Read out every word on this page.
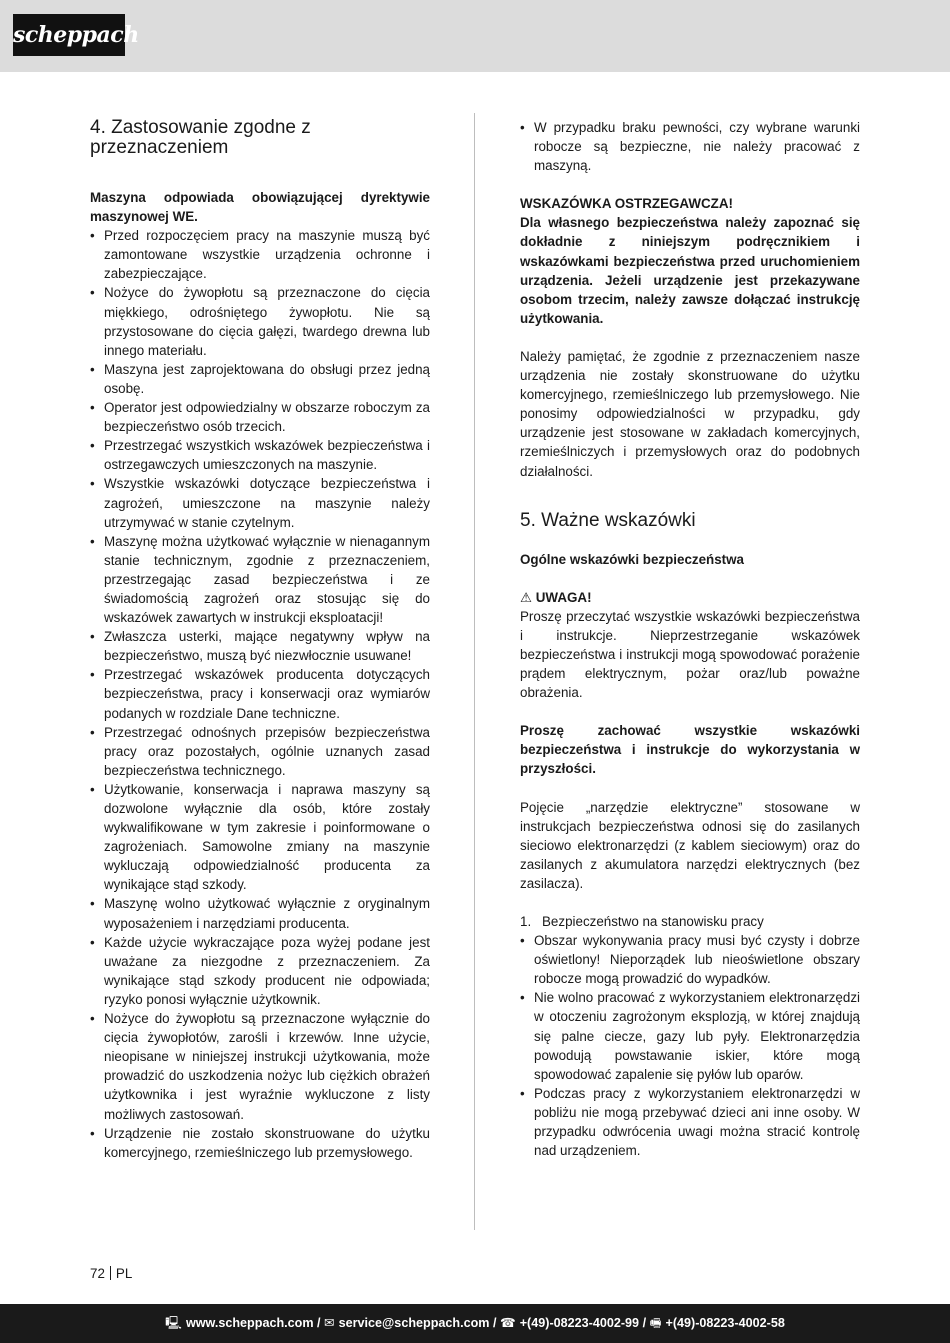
scheppach
4. Zastosowanie zgodne z przeznaczeniem

Maszyna odpowiada obowiązującej dyrektywie maszynowej WE.

• Przed rozpoczęciem pracy na maszynie muszą być zamontowane wszystkie urządzenia ochronne i zabezpieczające.
• Nożyce do żywopłotu są przeznaczone do cięcia miękkiego, odrośniętego żywopłotu. Nie są przystosowane do cięcia gałęzi, twardego drewna lub innego materiału.
• Maszyna jest zaprojektowana do obsługi przez jedną osobę.
• Operator jest odpowiedzialny w obszarze roboczym za bezpieczeństwo osób trzecich.
• Przestrzegać wszystkich wskazówek bezpieczeństwa i ostrzegawczych umieszczonych na maszynie.
• Wszystkie wskazówki dotyczące bezpieczeństwa i zagrożeń, umieszczone na maszynie należy utrzymywać w stanie czytelnym.
• Maszynę można użytkować wyłącznie w nienagannym stanie technicznym, zgodnie z przeznaczeniem, przestrzegając zasad bezpieczeństwa i ze świadomością zagrożeń oraz stosując się do wskazówek zawartych w instrukcji eksploatacji!
• Zwłaszcza usterki, mające negatywny wpływ na bezpieczeństwo, muszą być niezwłocznie usuwane!
• Przestrzegać wskazówek producenta dotyczących bezpieczeństwa, pracy i konserwacji oraz wymiarów podanych w rozdziale Dane techniczne.
• Przestrzegać odnośnych przepisów bezpieczeństwa pracy oraz pozostałych, ogólnie uznanych zasad bezpieczeństwa technicznego.
• Użytkowanie, konserwacja i naprawa maszyny są dozwolone wyłącznie dla osób, które zostały wykwalifikowane w tym zakresie i poinformowane o zagrożeniach. Samowolne zmiany na maszynie wykluczają odpowiedzialność producenta za wynikające stąd szkody.
• Maszynę wolno użytkować wyłącznie z oryginalnym wyposażeniem i narzędziami producenta.
• Każde użycie wykraczające poza wyżej podane jest uważane za niezgodne z przeznaczeniem. Za wynikające stąd szkody producent nie odpowiada; ryzyko ponosi wyłącznie użytkownik.
• Nożyce do żywopłotu są przeznaczone wyłącznie do cięcia żywopłotów, zarośli i krzewów. Inne użycie, nieopisane w niniejszej instrukcji użytkowania, może prowadzić do uszkodzenia nożyc lub ciężkich obrażeń użytkownika i jest wyraźnie wykluczone z listy możliwych zastosowań.
• Urządzenie nie zostało skonstruowane do użytku komercyjnego, rzemieślniczego lub przemysłowego.
• W przypadku braku pewności, czy wybrane warunki robocze są bezpieczne, nie należy pracować z maszyną.

WSKAZÓWKA OSTRZEGAWCZA!

Dla własnego bezpieczeństwa należy zapoznać się dokładnie z niniejszym podręcznikiem i wskazówkami bezpieczeństwa przed uruchomieniem urządzenia. Jeżeli urządzenie jest przekazywane osobom trzecim, należy zawsze dołączać instrukcję użytkowania.

Należy pamiętać, że zgodnie z przeznaczeniem nasze urządzenia nie zostały skonstruowane do użytku komercyjnego, rzemieślniczego lub przemysłowego. Nie ponosimy odpowiedzialności w przypadku, gdy urządzenie jest stosowane w zakładach komercyjnych, rzemieślniczych i przemysłowych oraz do podobnych działalności.

5. Ważne wskazówki

Ogólne wskazówki bezpieczeństwa

⚠ UWAGA!

Proszę przeczytać wszystkie wskazówki bezpieczeństwa i instrukcje. Nieprzestrzeganie wskazówek bezpieczeństwa i instrukcji mogą spowodować porażenie prądem elektrycznym, pożar oraz/lub poważne obrażenia.

Proszę zachować wszystkie wskazówki bezpieczeństwa i instrukcje do wykorzystania w przyszłości.

Pojęcie „narzędzie elektryczne” stosowane w instrukcjach bezpieczeństwa odnosi się do zasilanych sieciowo elektronarzędzi (z kablem sieciowym) oraz do zasilanych z akumulatora narzędzi elektrycznych (bez zasilacza).

1. Bezpieczeństwo na stanowisku pracy

• Obszar wykonywania pracy musi być czysty i dobrze oświetlony! Nieporządek lub nieoświetlone obszary robocze mogą prowadzić do wypadków.
• Nie wolno pracować z wykorzystaniem elektronarzędzi w otoczeniu zagrożonym eksplozją, w której znajdują się palne ciecze, gazy lub pyły. Elektronarzędzia powodują powstawanie iskier, które mogą spowodować zapalenie się pyłów lub oparów.
• Podczas pracy z wykorzystaniem elektronarzędzi w pobliżu nie mogą przebywać dzieci ani inne osoby. W przypadku odwrócenia uwagi można stracić kontrolę nad urządzeniem.
72 PL
🖳 www.scheppach.com / ✉ service@scheppach.com / ☎ +(49)-08223-4002-99 / 🖷 +(49)-08223-4002-58
